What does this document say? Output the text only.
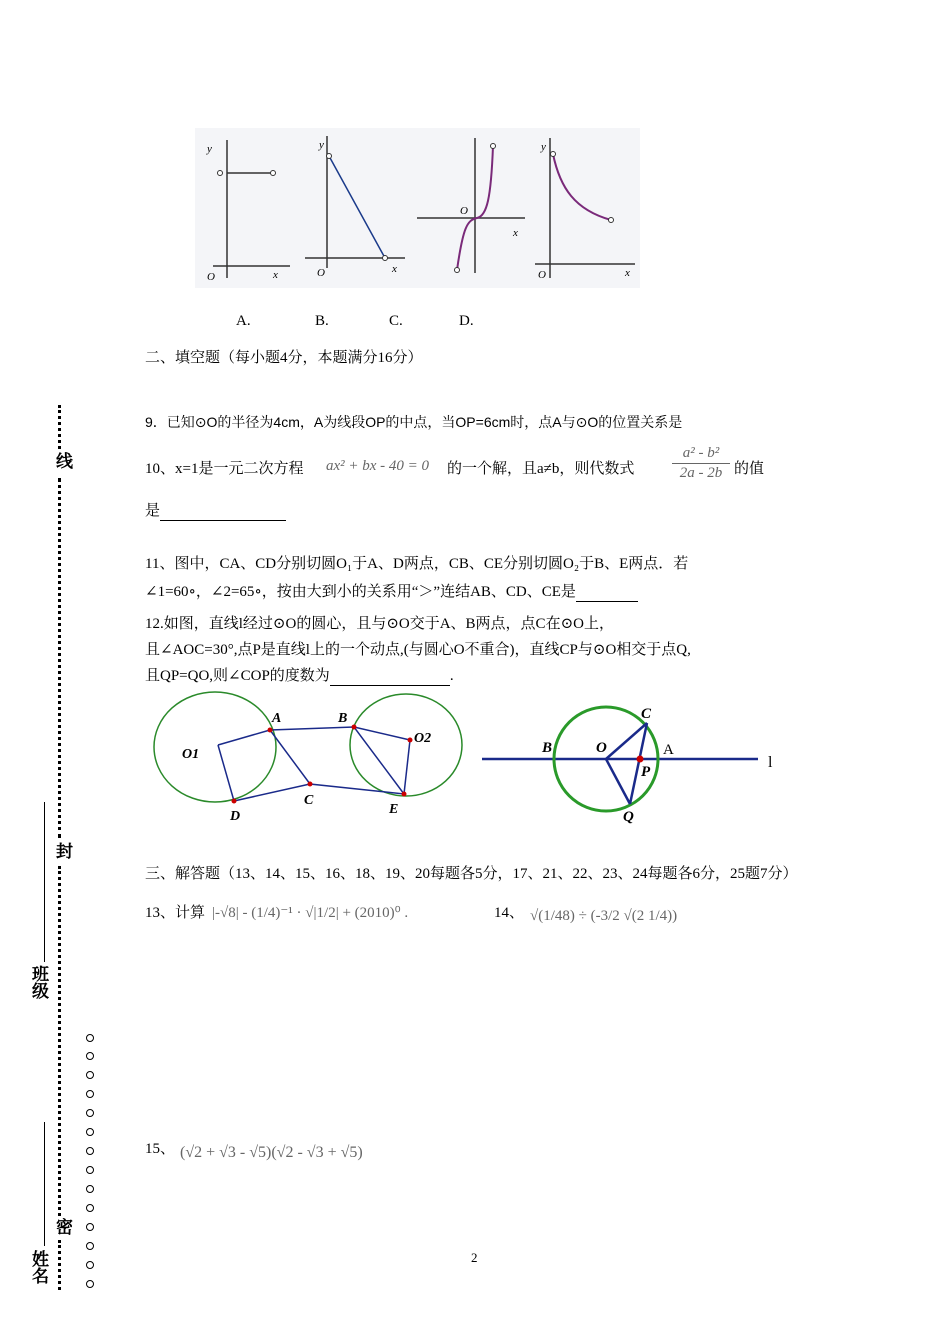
y
O	x
y
O	x
O
x
y
O	x
A.	B.	C.	D.
二、填空题（每小题4分，本题满分16分）
9．已知⊙O的半径为4cm，A为线段OP的中点，当OP=6cm时，点A与⊙O的位置关系是
10、x=1是一元二次方程 ax² + bx - 40 = 0 的一个解，且a≠b，则代数式
a² - b²
2a - 2b 的值
是
11、图中，CA、CD分别切圆O₁于A、D两点，CB、CE分别切圆O₂于B、E两点．若
∠1=60∘，∠2=65∘，按由大到小的关系用“＞”连结AB、CD、CE是
12.如图，直线l经过⊙O的圆心，且与⊙O交于A、B两点，点C在⊙O上，
且∠AOC=30°,点P是直线l上的一个动点,(与圆心O不重合)，直线CP与⊙O相交于点Q,
且QP=QO,则∠COP的度数为	.
A	B
C
D	E
O1
O2
B	O	A
C
P
Q
l
三、解答题（13、14、15、16、18、19、20每题各5分，17、21、22、23、24每题各6分，25题7分）
13、计算 |-√8| - (1/4)⁻¹ · √|1/2| + (2010)⁰ .	14、 √(1/48) ÷ (-3/2 √(2 1/4))
15、 (√2 + √3 - √5)(√2 - √3 + √5)
线
封
密
班级
姓名	2
